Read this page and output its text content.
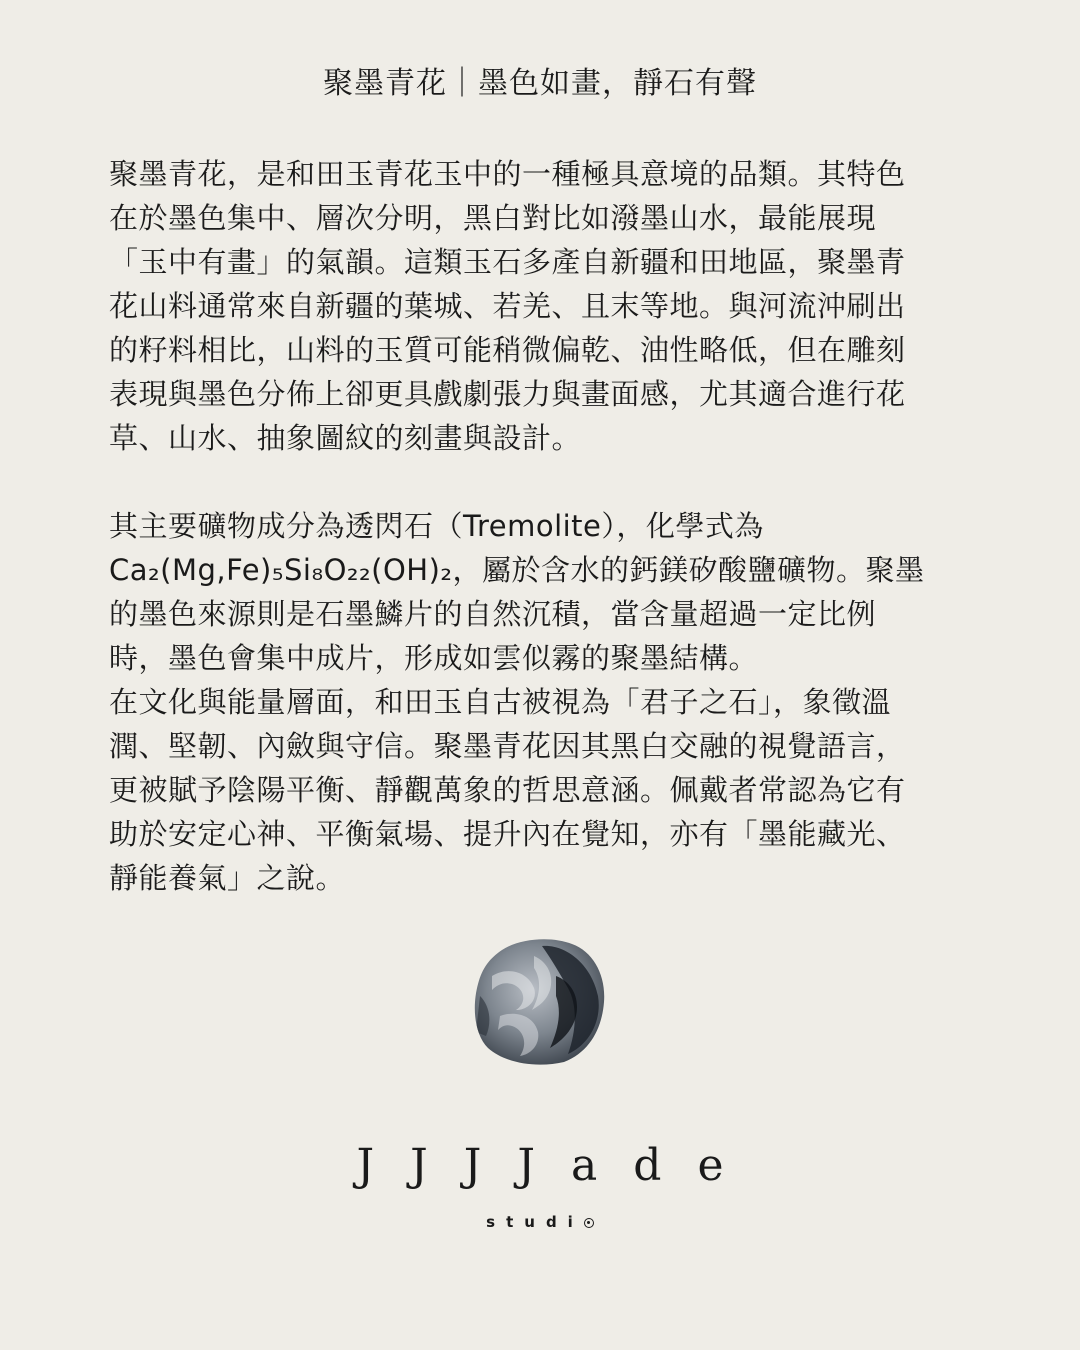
聚墨青花｜墨色如畫，靜石有聲
聚墨青花，是和田玉青花玉中的一種極具意境的品類。其特色
在於墨色集中、層次分明，黑白對比如潑墨山水，最能展現
「玉中有畫」的氣韻。這類玉石多產自新疆和田地區，聚墨青
花山料通常來自新疆的葉城、若羌、且末等地。與河流沖刷出
的籽料相比，山料的玉質可能稍微偏乾、油性略低，但在雕刻
表現與墨色分佈上卻更具戲劇張力與畫面感，尤其適合進行花
草、山水、抽象圖紋的刻畫與設計。
其主要礦物成分為透閃石（Tremolite），化學式為
Ca₂(Mg,Fe)₅Si₈O₂₂(OH)₂，屬於含水的鈣鎂矽酸鹽礦物。聚墨
的墨色來源則是石墨鱗片的自然沉積，當含量超過一定比例
時，墨色會集中成片，形成如雲似霧的聚墨結構。
在文化與能量層面，和田玉自古被視為「君子之石」，象徵溫
潤、堅韌、內斂與守信。聚墨青花因其黑白交融的視覺語言，
更被賦予陰陽平衡、靜觀萬象的哲思意涵。佩戴者常認為它有
助於安定心神、平衡氣場、提升內在覺知，亦有「墨能藏光、
靜能養氣」之說。
JJJJade
studi
